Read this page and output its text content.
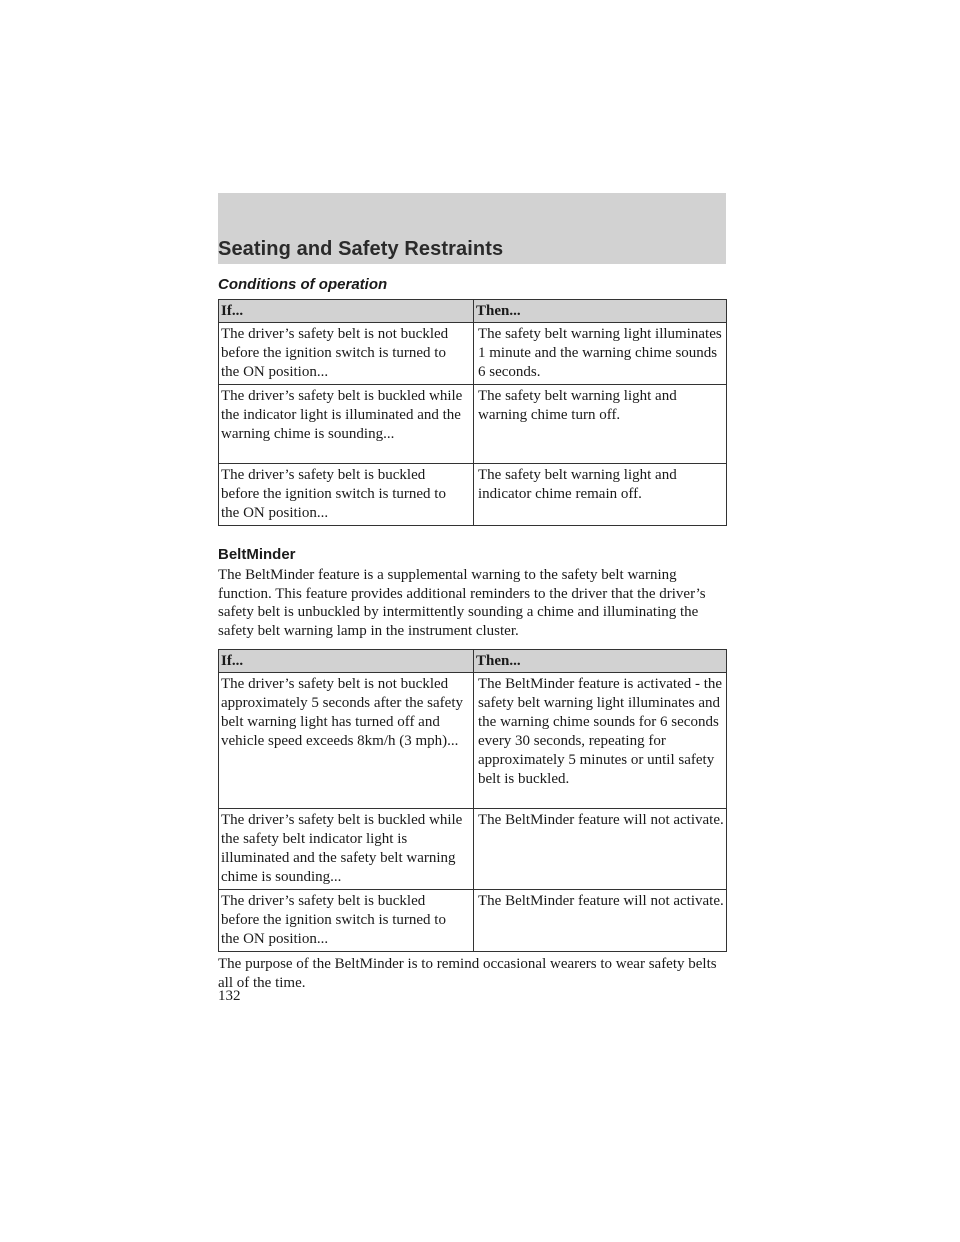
Seating and Safety Restraints

Conditions of operation

If...	Then...
The driver’s safety belt is not buckled before the ignition switch is turned to the ON position...	The safety belt warning light illuminates 1 minute and the warning chime sounds 6 seconds.
The driver’s safety belt is buckled while the indicator light is illuminated and the warning chime is sounding...	The safety belt warning light and warning chime turn off.
The driver’s safety belt is buckled before the ignition switch is turned to the ON position...	The safety belt warning light and indicator chime remain off.

BeltMinder

The BeltMinder feature is a supplemental warning to the safety belt warning function. This feature provides additional reminders to the driver that the driver’s safety belt is unbuckled by intermittently sounding a chime and illuminating the safety belt warning lamp in the instrument cluster.

If...	Then...
The driver’s safety belt is not buckled approximately 5 seconds after the safety belt warning light has turned off and vehicle speed exceeds 8km/h (3 mph)...	The BeltMinder feature is activated - the safety belt warning light illuminates and the warning chime sounds for 6 seconds every 30 seconds, repeating for approximately 5 minutes or until safety belt is buckled.
The driver’s safety belt is buckled while the safety belt indicator light is illuminated and the safety belt warning chime is sounding...	The BeltMinder feature will not activate.
The driver’s safety belt is buckled before the ignition switch is turned to the ON position...	The BeltMinder feature will not activate.

The purpose of the BeltMinder is to remind occasional wearers to wear safety belts all of the time.

132
